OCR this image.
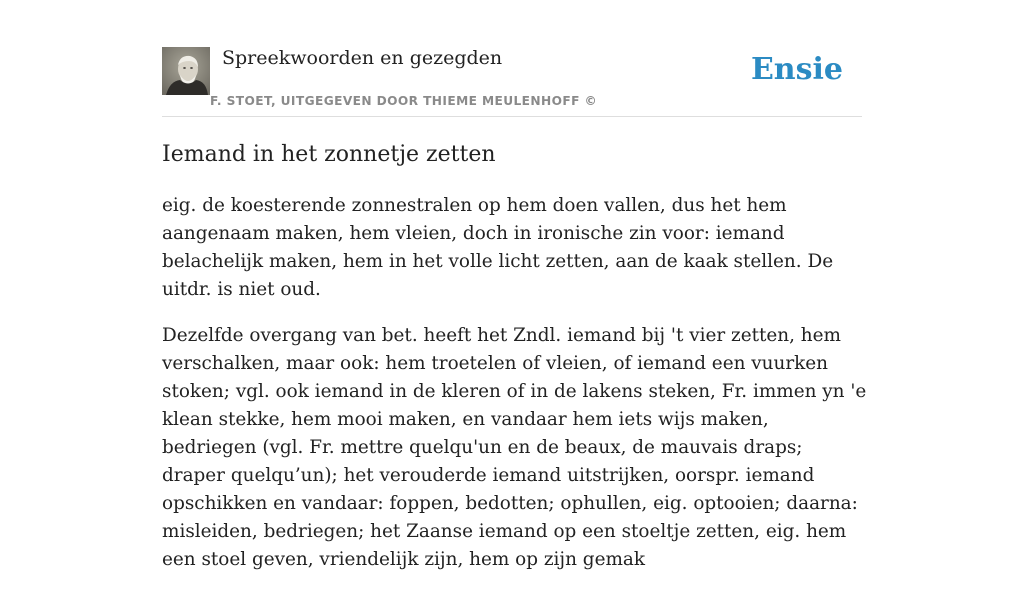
Spreekwoorden en gezegden
F. STOET, UITGEGEVEN DOOR THIEME MEULENHOFF ©
Ensie
Iemand in het zonnetje zetten

eig. de koesterende zonnestralen op hem doen vallen, dus het hem aangenaam maken, hem vleien, doch in ironische zin voor: iemand belachelijk maken, hem in het volle licht zetten, aan de kaak stellen. De uitdr. is niet oud.

Dezelfde overgang van bet. heeft het Zndl. iemand bij 't vier zetten, hem verschalken, maar ook: hem troetelen of vleien, of iemand een vuurken stoken; vgl. ook iemand in de kleren of in de lakens steken, Fr. immen yn 'e klean stekke, hem mooi maken, en vandaar hem iets wijs maken, bedriegen (vgl. Fr. mettre quelqu'un en de beaux, de mauvais draps; draper quelqu’un); het verouderde iemand uitstrijken, oorspr. iemand opschikken en vandaar: foppen, bedotten; ophullen, eig. optooien; daarna: misleiden, bedriegen; het Zaanse iemand op een stoeltje zetten, eig. hem een stoel geven, vriendelijk zijn, hem op zijn gemak
